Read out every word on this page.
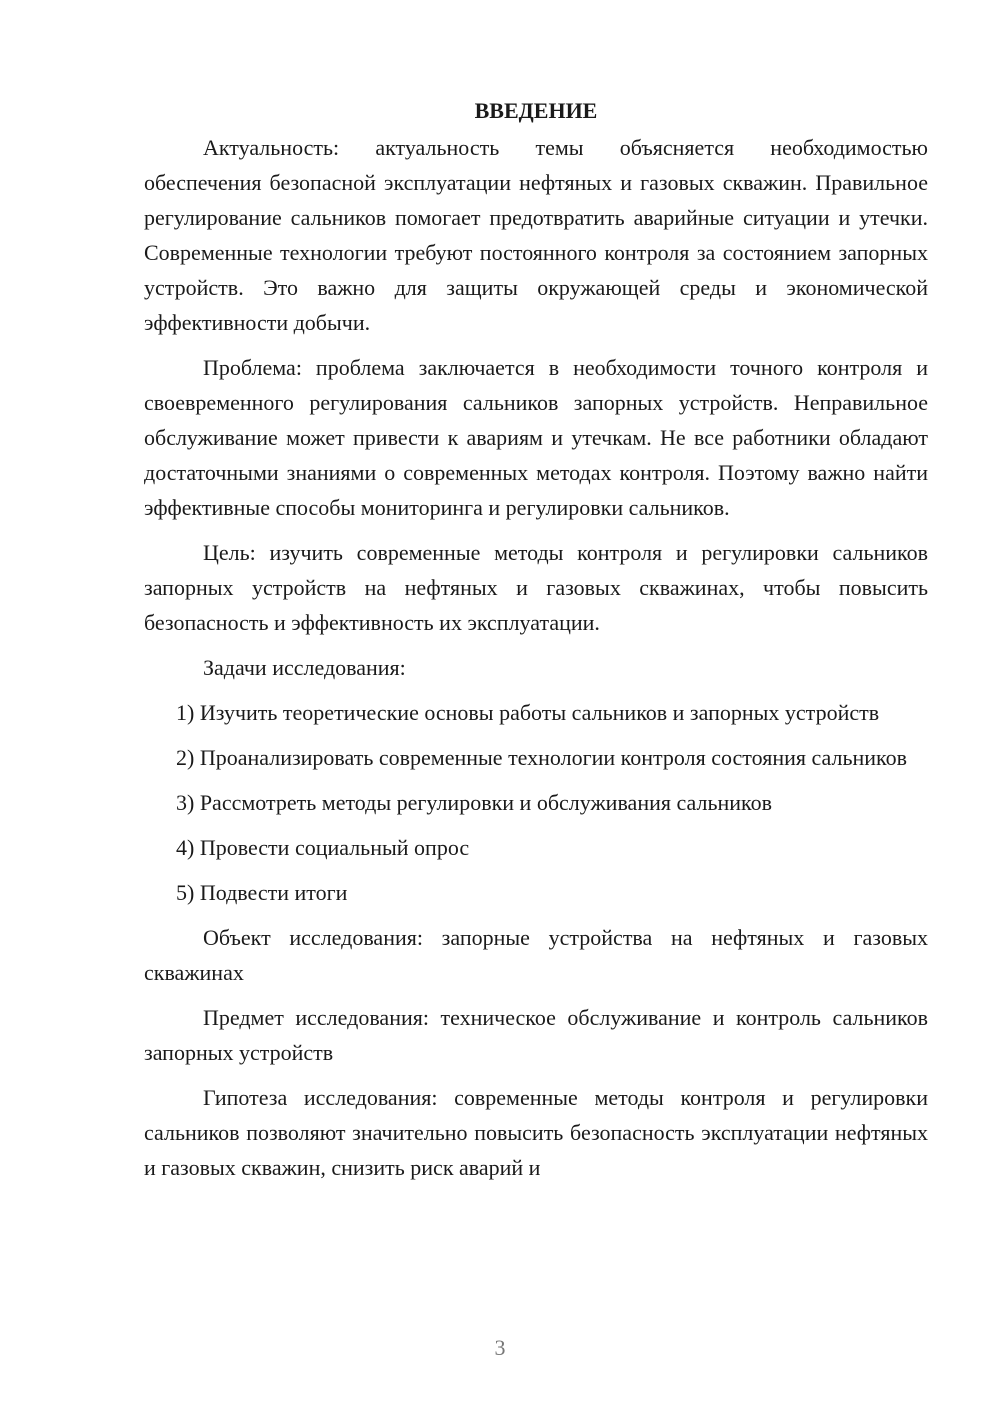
ВВЕДЕНИЕ

Актуальность: актуальность темы объясняется необходимостью обеспечения безопасной эксплуатации нефтяных и газовых скважин. Правильное регулирование сальников помогает предотвратить аварийные ситуации и утечки. Современные технологии требуют постоянного контроля за состоянием запорных устройств. Это важно для защиты окружающей среды и экономической эффективности добычи.

Проблема: проблема заключается в необходимости точного контроля и своевременного регулирования сальников запорных устройств. Неправильное обслуживание может привести к авариям и утечкам. Не все работники обладают достаточными знаниями о современных методах контроля. Поэтому важно найти эффективные способы мониторинга и регулировки сальников.

Цель: изучить современные методы контроля и регулировки сальников запорных устройств на нефтяных и газовых скважинах, чтобы повысить безопасность и эффективность их эксплуатации.

Задачи исследования:

1) Изучить теоретические основы работы сальников и запорных устройств

2) Проанализировать современные технологии контроля состояния сальников

3) Рассмотреть методы регулировки и обслуживания сальников

4) Провести социальный опрос

5) Подвести итоги

Объект исследования: запорные устройства на нефтяных и газовых скважинах

Предмет исследования: техническое обслуживание и контроль сальников запорных устройств

Гипотеза исследования: современные методы контроля и регулировки сальников позволяют значительно повысить безопасность эксплуатации нефтяных и газовых скважин, снизить риск аварий и

3
